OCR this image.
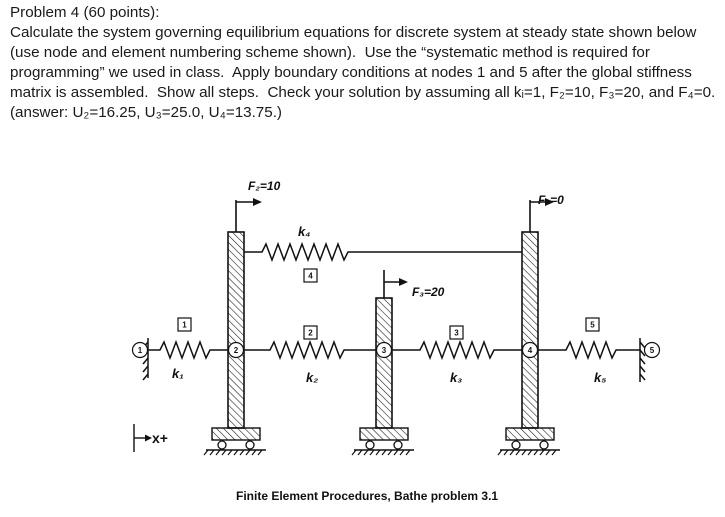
Problem 4 (60 points):
Calculate the system governing equilibrium equations for discrete system at steady state shown below (use node and element numbering scheme shown).  Use the “systematic method is required for programming” we used in class.  Apply boundary conditions at nodes 1 and 5 after the global stiffness matrix is assembled.  Show all steps.  Check your solution by assuming all kᵢ=1, F₂=10, F₃=20, and F₄=0. (answer: U₂=16.25, U₃=25.0, U₄=13.75.)
F₂=10
F₃=20
F₄=0
k₁
k₄
k₂	k₃	k₅
1
4
2	3
5
1	2	3	4	5
x+
Finite Element Procedures, Bathe problem 3.1
